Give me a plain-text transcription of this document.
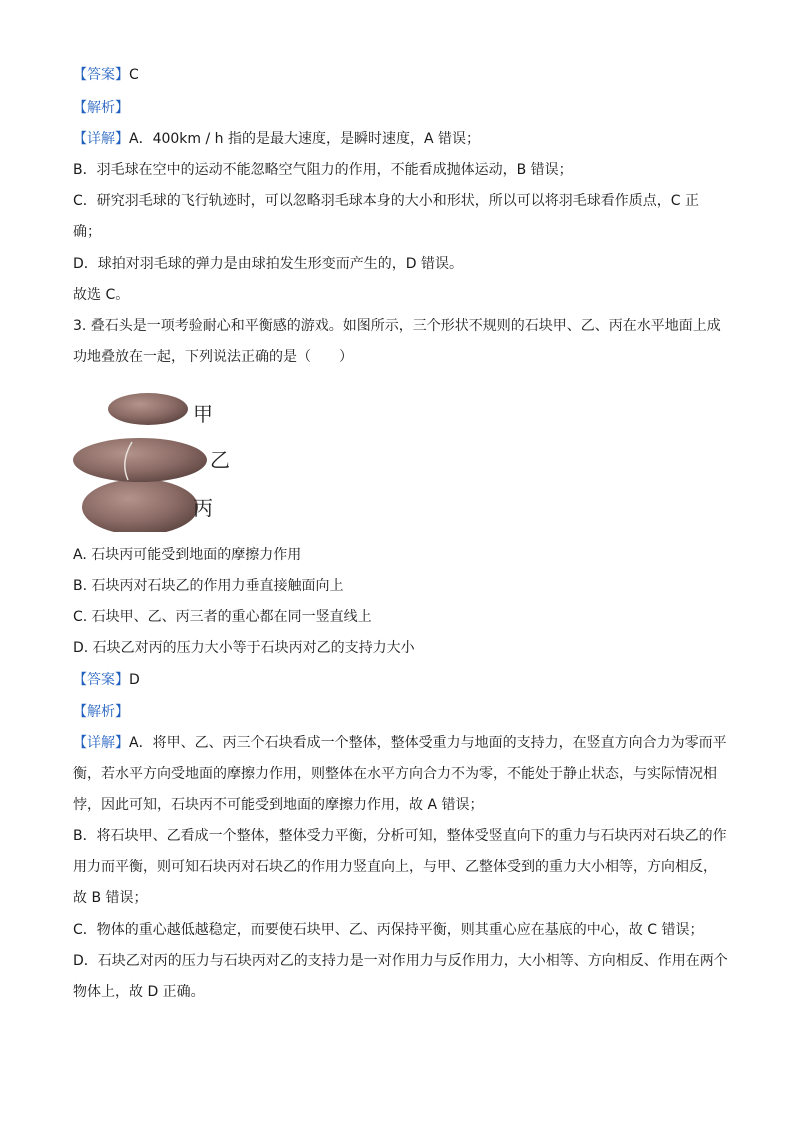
【答案】C
【解析】
【详解】A．400km / h 指的是最大速度，是瞬时速度，A 错误；
B．羽毛球在空中的运动不能忽略空气阻力的作用，不能看成抛体运动，B 错误；
C．研究羽毛球的飞行轨迹时，可以忽略羽毛球本身的大小和形状，所以可以将羽毛球看作质点，C 正
确；
D．球拍对羽毛球的弹力是由球拍发生形变而产生的，D 错误。
故选 C。
3. 叠石头是一项考验耐心和平衡感的游戏。如图所示，三个形状不规则的石块甲、乙、丙在水平地面上成
功地叠放在一起，下列说法正确的是（　　）
甲
乙
丙
A. 石块丙可能受到地面的摩擦力作用
B. 石块丙对石块乙的作用力垂直接触面向上
C. 石块甲、乙、丙三者的重心都在同一竖直线上
D. 石块乙对丙的压力大小等于石块丙对乙的支持力大小
【答案】D
【解析】
【详解】A．将甲、乙、丙三个石块看成一个整体，整体受重力与地面的支持力，在竖直方向合力为零而平
衡，若水平方向受地面的摩擦力作用，则整体在水平方向合力不为零，不能处于静止状态，与实际情况相
悖，因此可知，石块丙不可能受到地面的摩擦力作用，故 A 错误；
B．将石块甲、乙看成一个整体，整体受力平衡，分析可知，整体受竖直向下的重力与石块丙对石块乙的作
用力而平衡，则可知石块丙对石块乙的作用力竖直向上，与甲、乙整体受到的重力大小相等，方向相反，
故 B 错误；
C．物体的重心越低越稳定，而要使石块甲、乙、丙保持平衡，则其重心应在基底的中心，故 C 错误；
D．石块乙对丙的压力与石块丙对乙的支持力是一对作用力与反作用力，大小相等、方向相反、作用在两个
物体上，故 D 正确。
